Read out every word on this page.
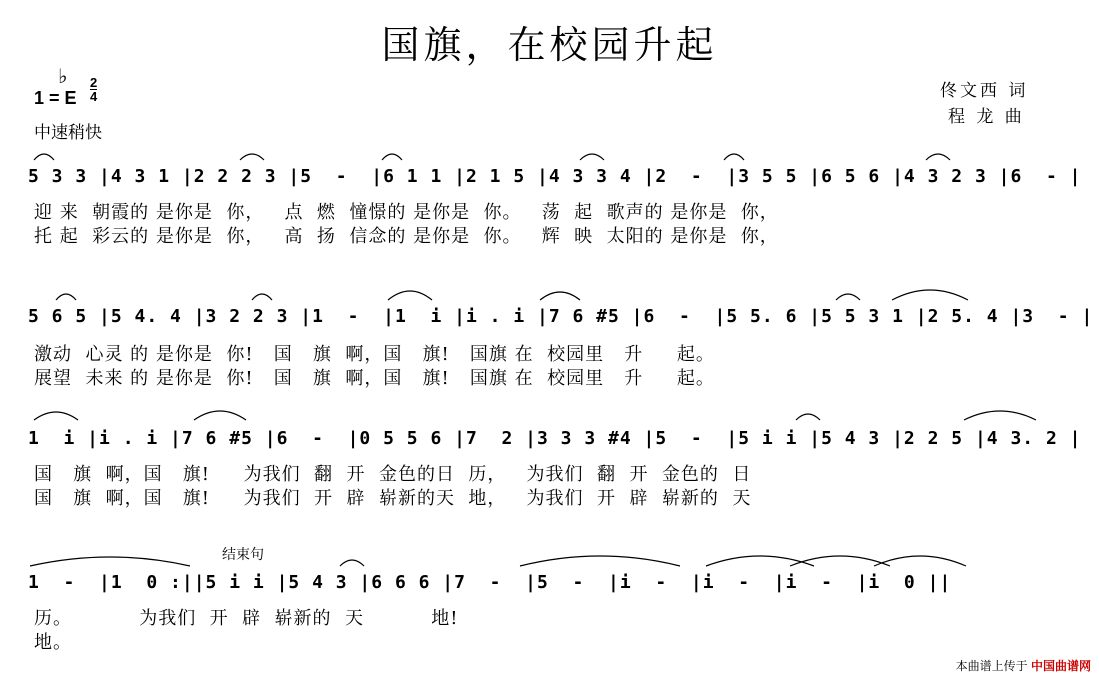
国旗，在校园升起
佟文西 词
程 龙 曲
♭
1 = E
2
4
中速稍快
5 3 3 |4 3 1 |2 2 2 3 |5  -  |6 1 1 |2 1 5 |4 3 3 4 |2  -  |3 5 5 |6 5 6 |4 3 2 3 |6  - |
迎 来  朝霞的 是你是  你，   点  燃  憧憬的 是你是  你。   荡  起  歌声的 是你是  你，
托 起  彩云的 是你是  你，   高  扬  信念的 是你是  你。   辉  映  太阳的 是你是  你，
5 6 5 |5 4. 4 |3 2 2 3 |1  -  |1  i |i . i |7 6 #5 |6  -  |5 5. 6 |5 5 3 1 |2 5. 4 |3  - |
激动  心灵 的 是你是  你!   国   旗  啊，国   旗!   国旗 在  校园里   升     起。
展望  未来 的 是你是  你!   国   旗  啊，国   旗!   国旗 在  校园里   升     起。
1  i |i . i |7 6 #5 |6  -  |0 5 5 6 |7  2 |3 3 3 #4 |5  -  |5 i i |5 4 3 |2 2 5 |4 3. 2 |
国   旗  啊，国   旗!     为我们  翻  开  金色的日  历，   为我们  翻  开  金色的  日
国   旗  啊，国   旗!     为我们  开  辟  崭新的天  地，   为我们  开  辟  崭新的  天
结束句
1  -  |1  0 :||5 i i |5 4 3 |6 6 6 |7  -  |5  -  |i  -  |i  -  |i  -  |i  0 ||
历。          为我们  开  辟  崭新的  天          地!
地。
本曲谱上传于 中国曲谱网
